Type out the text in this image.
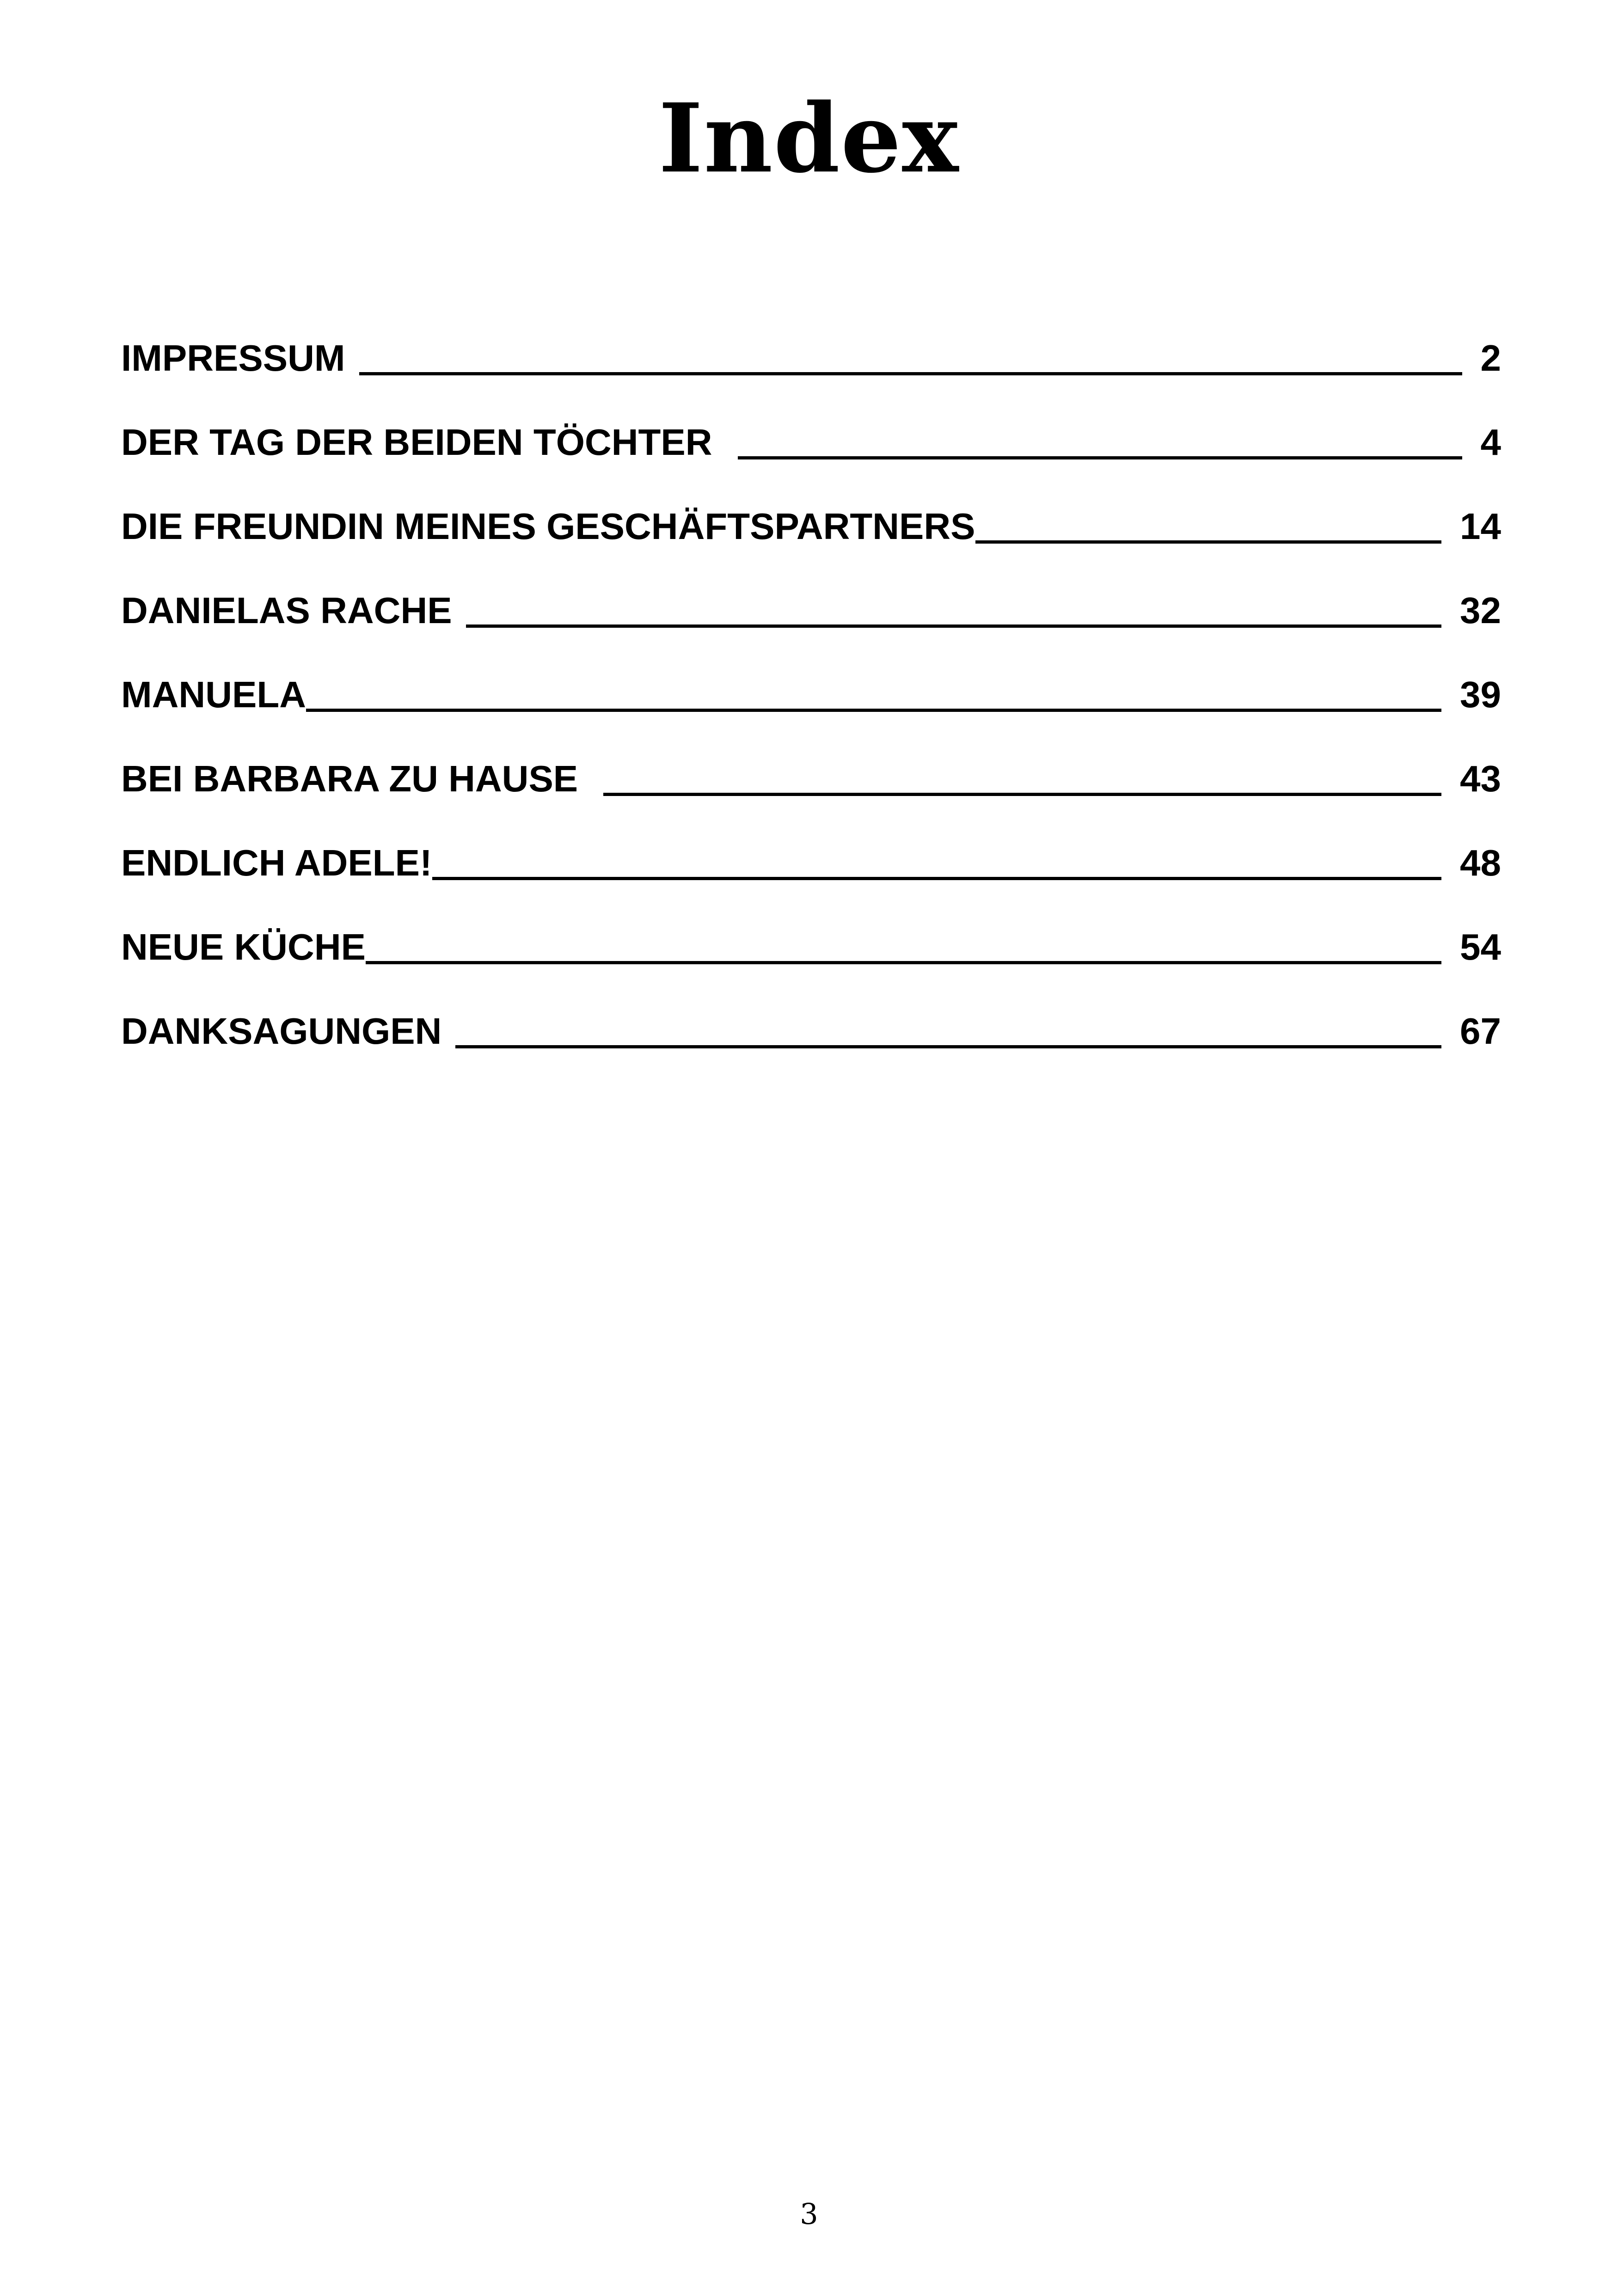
Index
IMPRESSUM	2
DER TAG DER BEIDEN TÖCHTER	4
DIE FREUNDIN MEINES GESCHÄFTSPARTNERS	14
DANIELAS RACHE	32
MANUELA	39
BEI BARBARA ZU HAUSE	43
ENDLICH ADELE!	48
NEUE KÜCHE	54
DANKSAGUNGEN	67
3
